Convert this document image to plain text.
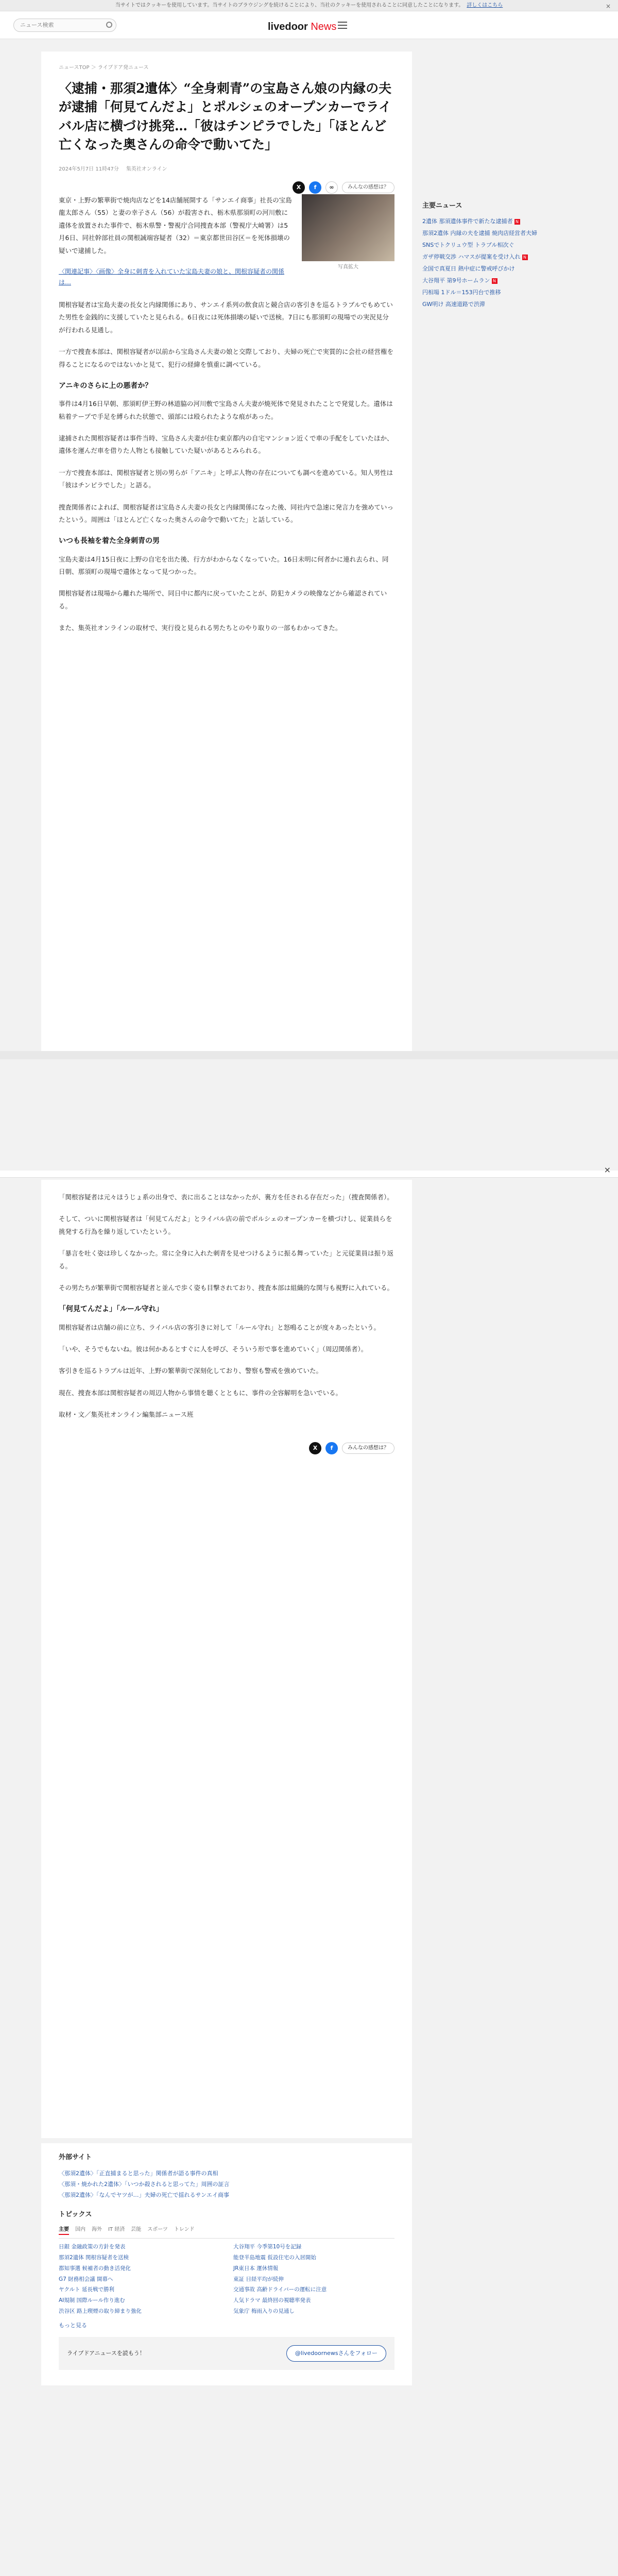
当サイトではクッキーを使用しています。当サイトのブラウジングを続けることにより、当社のクッキーを使用されることに同意したことになります。 詳しくはこちら	×
ニュース検索
livedoor News
ニュースTOP ＞ ライブドア発ニュース
〈逮捕・那須2遺体〉“全身刺青”の宝島さん娘の内縁の夫が逮捕「何見てんだよ」とポルシェのオープンカーでライバル店に横づけ挑発…「彼はチンピラでした」「ほとんど亡くなった奥さんの命令で動いてた」
2024年5月7日 11時47分 集英社オンライン
X	f	∞	みんなの感想は？
写真拡大

東京・上野の繁華街で焼肉店などを14店舗展開する「サンエイ商事」社長の宝島龍太郎さん（55）と妻の幸子さん（56）が殺害され、栃木県那須町の河川敷に遺体を放置された事件で、栃木県警・警視庁合同捜査本部（警視庁大崎署）は5月6日、同社幹部社員の関根誠端容疑者（32）＝東京都世田谷区＝を死体損壊の疑いで逮捕した。

〈関連記事〉〈画像〉全身に刺青を入れていた宝島夫妻の娘と、関根容疑者の関係は…

関根容疑者は宝島夫妻の長女と内縁関係にあり、サンエイ系列の飲食店と競合店の客引きを巡るトラブルでもめていた男性を金銭的に支援していたと見られる。6日夜には死体損壊の疑いで送検。7日にも那須町の現場での実況見分が行われる見通し。

一方で捜査本部は、関根容疑者が以前から宝島さん夫妻の娘と交際しており、夫婦の死亡で実質的に会社の経営権を得ることになるのではないかと見て、犯行の経緯を慎重に調べている。

アニキのさらに上の悪者か？

事件は4月16日早朝、那須町伊王野の林道脇の河川敷で宝島さん夫妻が焼死体で発見されたことで発覚した。遺体は粘着テープで手足を縛られた状態で、頭部には殴られたような痕があった。

逮捕された関根容疑者は事件当時、宝島さん夫妻が住む東京都内の自宅マンション近くで車の手配をしていたほか、遺体を運んだ車を借りた人物とも接触していた疑いがあるとみられる。

一方で捜査本部は、関根容疑者と別の男らが「アニキ」と呼ぶ人物の存在についても調べを進めている。知人男性は「彼はチンピラでした」と語る。

捜査関係者によれば、関根容疑者は宝島さん夫妻の長女と内縁関係になった後、同社内で急速に発言力を強めていったという。周囲は「ほとんど亡くなった奥さんの命令で動いてた」と話している。

いつも長袖を着た全身刺青の男

宝島夫妻は4月15日夜に上野の自宅を出た後、行方がわからなくなっていた。16日未明に何者かに連れ去られ、同日朝、那須町の現場で遺体となって見つかった。

関根容疑者は現場から離れた場所で、同日中に都内に戻っていたことが、防犯カメラの映像などから確認されている。

また、集英社オンラインの取材で、実行役と見られる男たちとのやり取りの一部もわかってきた。

主要ニュース
2遺体 那須遺体事件で新たな逮捕者 N
那須2遺体 内縁の夫を逮捕 焼肉店経営者夫婦
SNSでトクリュウ型 トラブル相次ぐ
ガザ停戦交渉 ハマスが提案を受け入れ N
全国で真夏日 熱中症に警戒呼びかけ
大谷翔平 第9号ホームラン N
円相場 1ドル＝153円台で推移
GW明け 高速道路で渋滞
×

「関根容疑者は元々ほうじょ系の出身で、表に出ることはなかったが、裏方を任される存在だった」（捜査関係者）。

そして、ついに関根容疑者は「何見てんだよ」とライバル店の前でポルシェのオープンカーを横づけし、従業員らを挑発する行為を繰り返していたという。

「暴言を吐く姿は珍しくなかった。常に全身に入れた刺青を見せつけるように振る舞っていた」と元従業員は振り返る。

その男たちが繁華街で関根容疑者と並んで歩く姿も目撃されており、捜査本部は組織的な関与も視野に入れている。

「何見てんだよ」「ルール守れ」

関根容疑者は店舗の前に立ち、ライバル店の客引きに対して「ルール守れ」と怒鳴ることが度々あったという。

「いや、そうでもないね。彼は何かあるとすぐに人を呼び、そういう形で事を進めていく」（周辺関係者）。

客引きを巡るトラブルは近年、上野の繁華街で深刻化しており、警察も警戒を強めていた。

現在、捜査本部は関根容疑者の周辺人物から事情を聴くとともに、事件の全容解明を急いでいる。

取材・文／集英社オンライン編集部ニュース班

X	f	みんなの感想は？
外部サイト
〈那須2遺体〉「正直捕まると思った」関係者が語る事件の真相
〈那須・焼かれた2遺体〉「いつか殺されると思ってた」周囲の証言
〈那須2遺体〉「なんでヤツが…」夫婦の死亡で揺れるサンエイ商事
トピックス
主要 国内 海外 IT 経済 芸能 スポーツ トレンド
日銀 金融政策の方針を発表	大谷翔平 今季第10号を記録
那須2遺体 関根容疑者を送検	能登半島地震 仮設住宅の入居開始
都知事選 候補者の動き活発化	JR東日本 運休情報
G7 財務相会議 開幕へ	東証 日経平均が続伸
ヤクルト 延長戦で勝利	交通事故 高齢ドライバーの運転に注意
AI規制 国際ルール作り進む	人気ドラマ 最終回の視聴率発表
渋谷区 路上喫煙の取り締まり強化	気象庁 梅雨入りの見通し
もっと見る
ライブドアニュースを読もう！	@livedoornewsさんをフォロー
